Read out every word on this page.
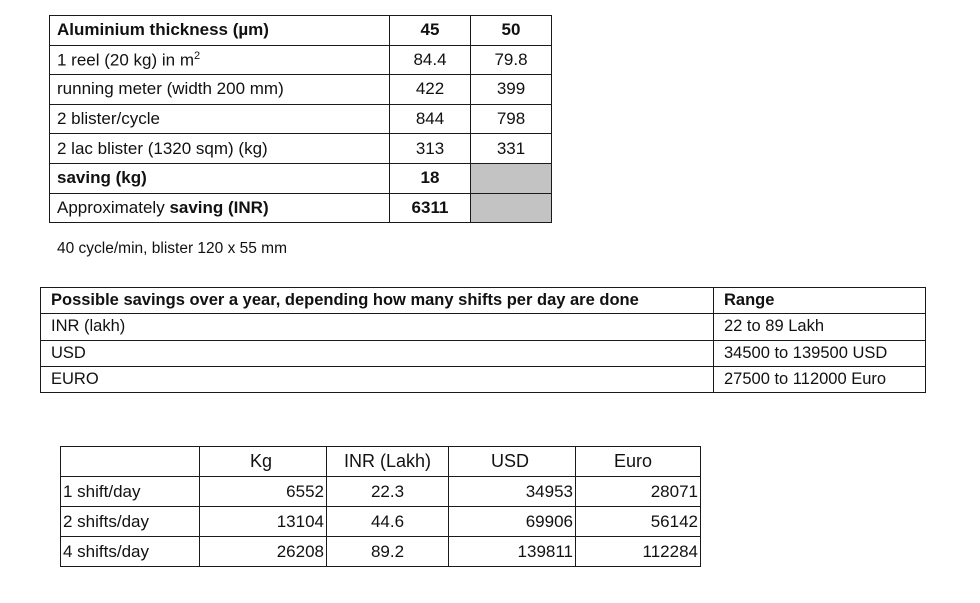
Aluminium thickness (µm)	45	50
1 reel (20 kg) in $m^2$	84.4	79.8
running meter (width 200 mm)	422	399
2 blister/cycle	844	798
2 lac blister (1320 sqm) (kg)	313	331
saving (kg)	18	
Approximately saving (INR)	6311	
40 cycle/min, blister 120 x 55 mm
Possible savings over a year, depending how many shifts per day are done	Range
INR (lakh)	22 to 89 Lakh
USD	34500 to 139500 USD
EURO	27500 to 112000 Euro
	Kg	INR (Lakh)	USD	Euro
1 shift/day	6552	22.3	34953	28071
2 shifts/day	13104	44.6	69906	56142
4 shifts/day	26208	89.2	139811	112284
